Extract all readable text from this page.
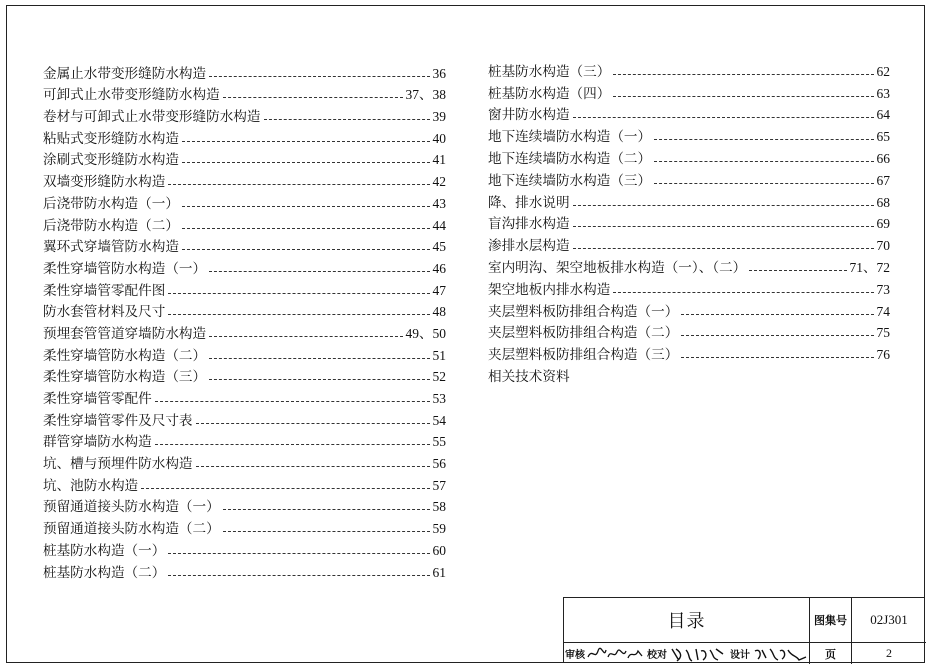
金属止水带变形缝防水构造	36
可卸式止水带变形缝防水构造	37、38
卷材与可卸式止水带变形缝防水构造	39
粘贴式变形缝防水构造	40
涂刷式变形缝防水构造	41
双墙变形缝防水构造	42
后浇带防水构造（一）	43
后浇带防水构造（二）	44
翼环式穿墙管防水构造	45
柔性穿墙管防水构造（一）	46
柔性穿墙管零配件图	47
防水套管材料及尺寸	48
预埋套管管道穿墙防水构造	49、50
柔性穿墙管防水构造（二）	51
柔性穿墙管防水构造（三）	52
柔性穿墙管零配件	53
柔性穿墙管零件及尺寸表	54
群管穿墙防水构造	55
坑、槽与预埋件防水构造	56
坑、池防水构造	57
预留通道接头防水构造（一）	58
预留通道接头防水构造（二）	59
桩基防水构造（一）	60
桩基防水构造（二）	61
桩基防水构造（三）	62
桩基防水构造（四）	63
窗井防水构造	64
地下连续墙防水构造（一）	65
地下连续墙防水构造（二）	66
地下连续墙防水构造（三）	67
降、排水说明	68
盲沟排水构造	69
渗排水层构造	70
室内明沟、架空地板排水构造（一）、（二）	71、72
架空地板内排水构造	73
夹层塑料板防排组合构造（一）	74
夹层塑料板防排组合构造（二）	75
夹层塑料板防排组合构造（三）	76
相关技术资料
目录	图集号	02J301
审核	校对	设计	页	2
